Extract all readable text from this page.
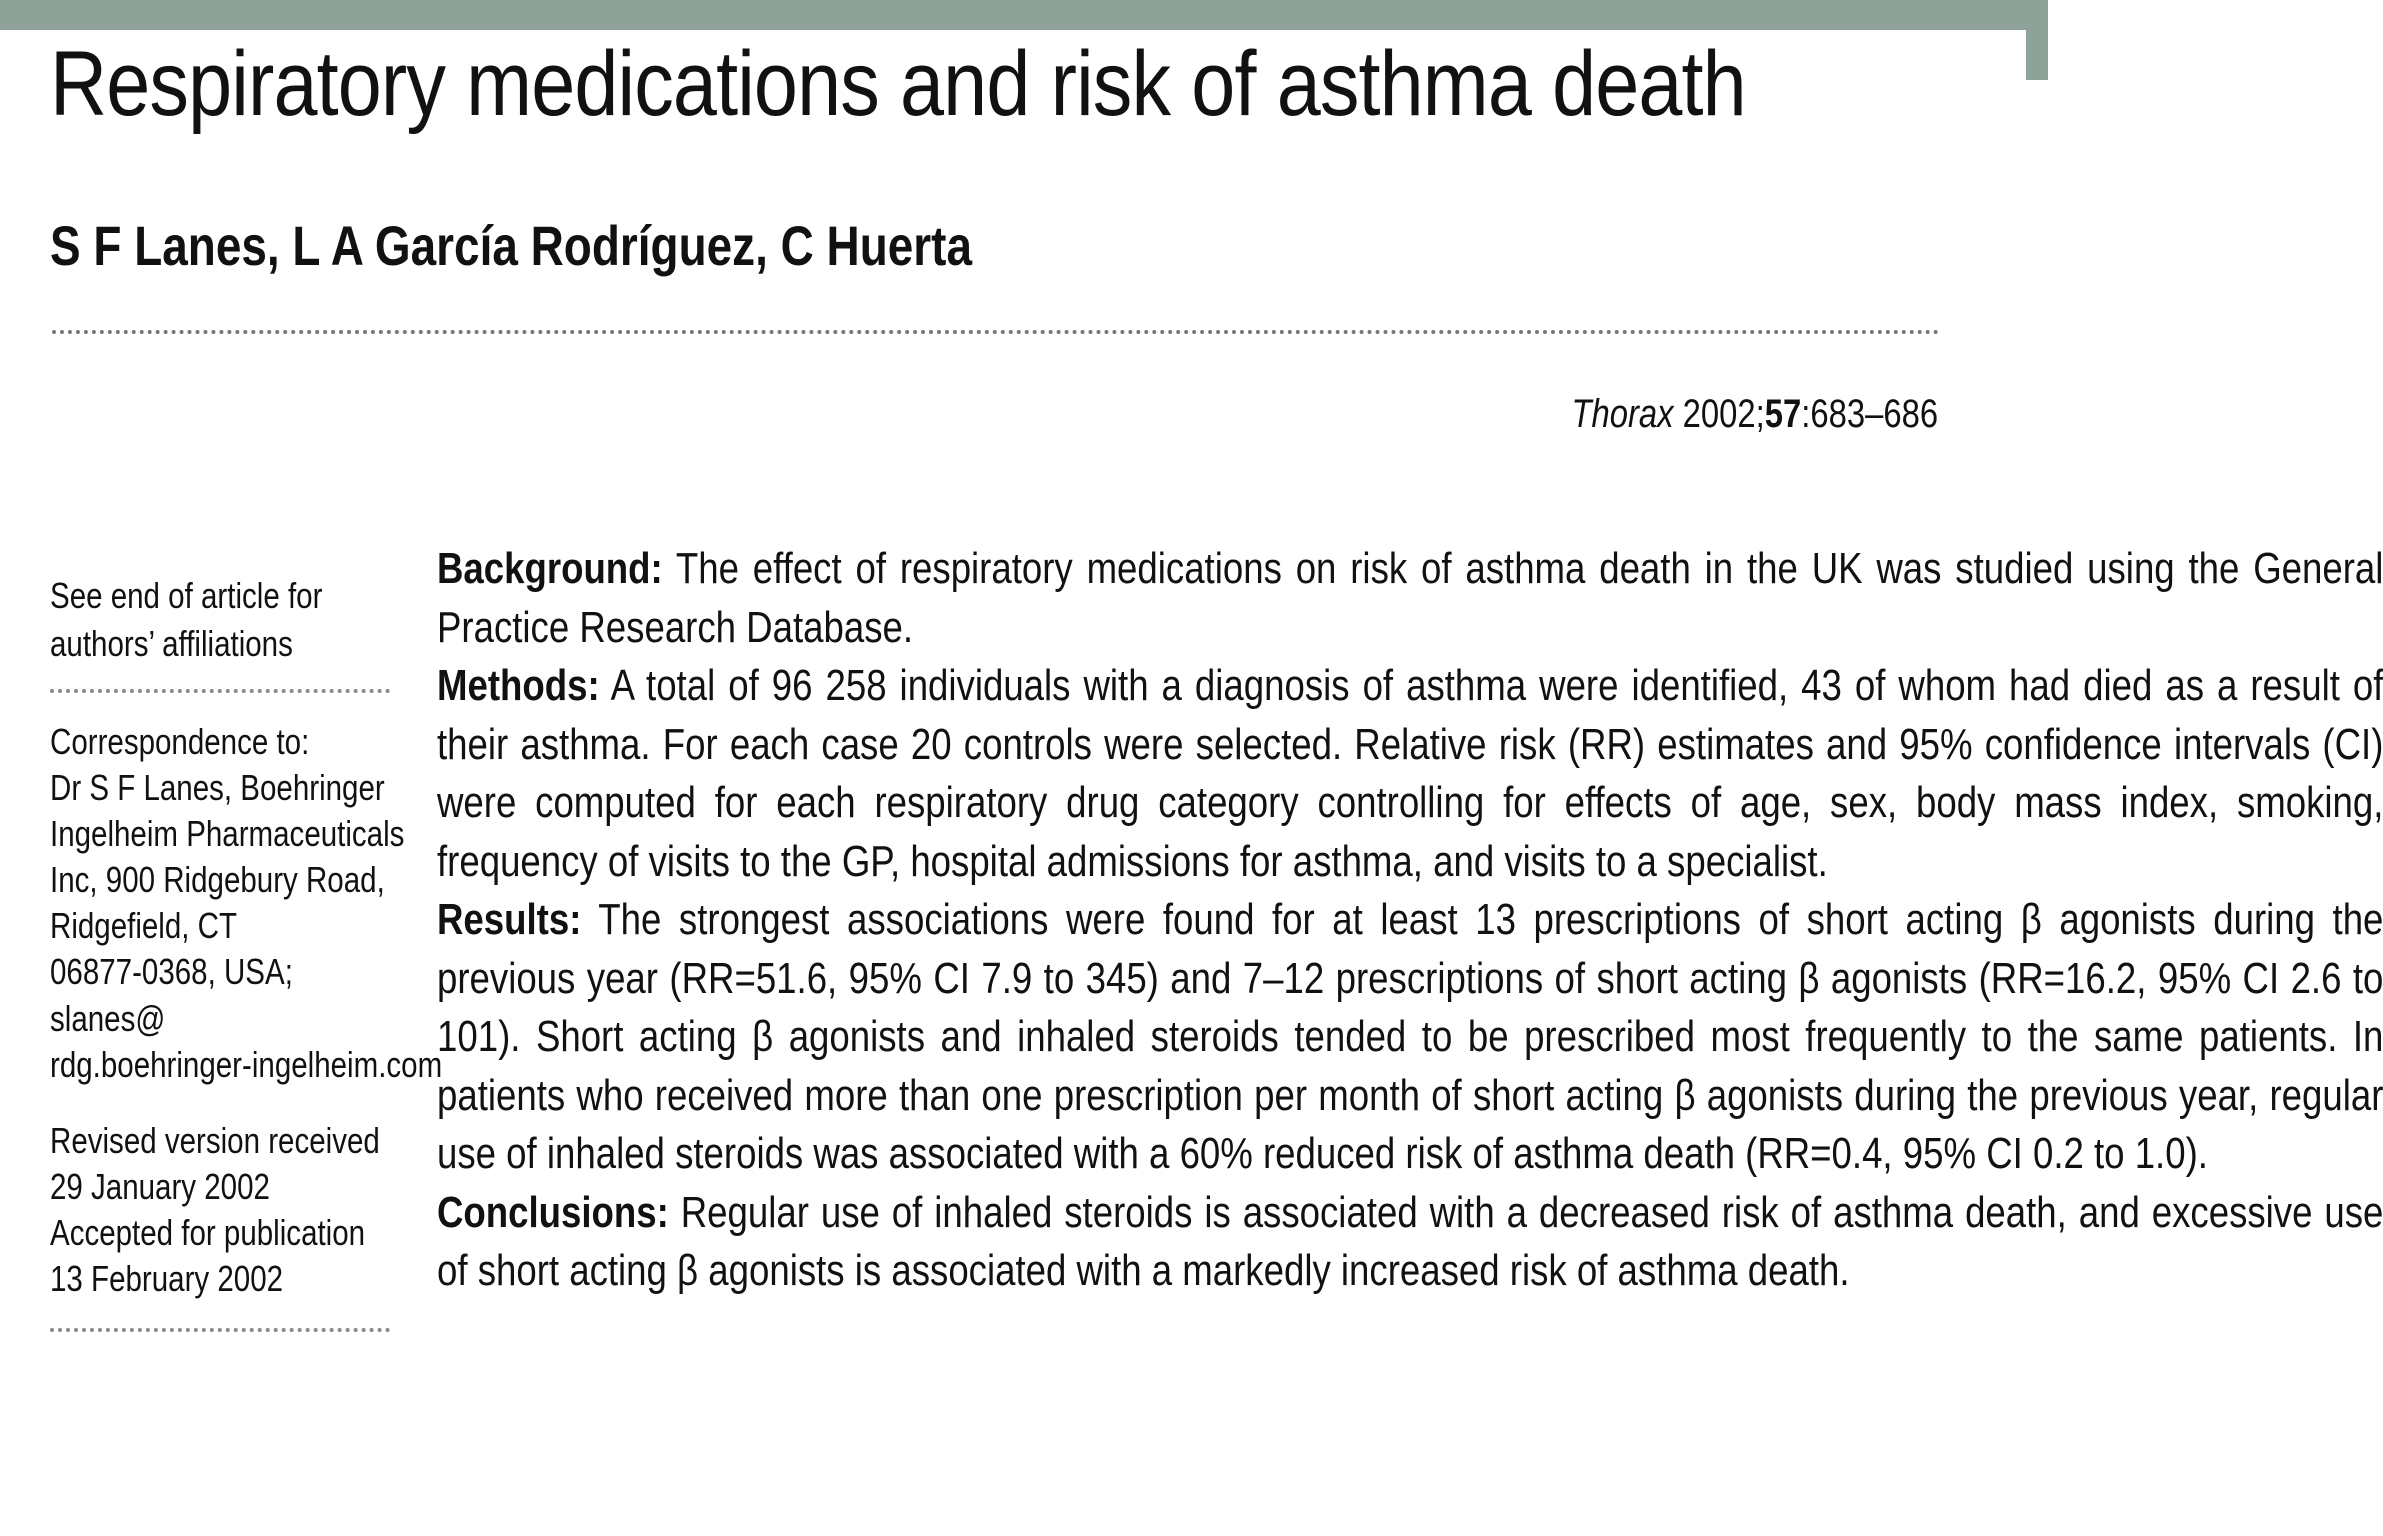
Respiratory medications and risk of asthma death
S F Lanes, L A García Rodríguez, C Huerta
Thorax 2002;57:683–686
See end of article for
authors’ affiliations
Correspondence to:
Dr S F Lanes, Boehringer
Ingelheim Pharmaceuticals
Inc, 900 Ridgebury Road,
Ridgefield, CT
06877-0368, USA;
slanes@
rdg.boehringer-ingelheim.com
Revised version received
29 January 2002
Accepted for publication
13 February 2002

Background: The effect of respiratory medications on risk of asthma death in the UK was studied using the General Practice Research Database.

Methods: A total of 96 258 individuals with a diagnosis of asthma were identified, 43 of whom had died as a result of their asthma. For each case 20 controls were selected. Relative risk (RR) estimates and 95% confidence intervals (CI) were computed for each respiratory drug category controlling for effects of age, sex, body mass index, smoking, frequency of visits to the GP, hospital admissions for asthma, and visits to a specialist.

Results: The strongest associations were found for at least 13 prescriptions of short acting β agonists during the previous year (RR=51.6, 95% CI 7.9 to 345) and 7–12 prescriptions of short acting β agonists (RR=16.2, 95% CI 2.6 to 101). Short acting β agonists and inhaled steroids tended to be prescribed most frequently to the same patients. In patients who received more than one prescription per month of short acting β agonists during the previous year, regular use of inhaled steroids was associated with a 60% reduced risk of asthma death (RR=0.4, 95% CI 0.2 to 1.0).

Conclusions: Regular use of inhaled steroids is associated with a decreased risk of asthma death, and excessive use of short acting β agonists is associated with a markedly increased risk of asthma death.
